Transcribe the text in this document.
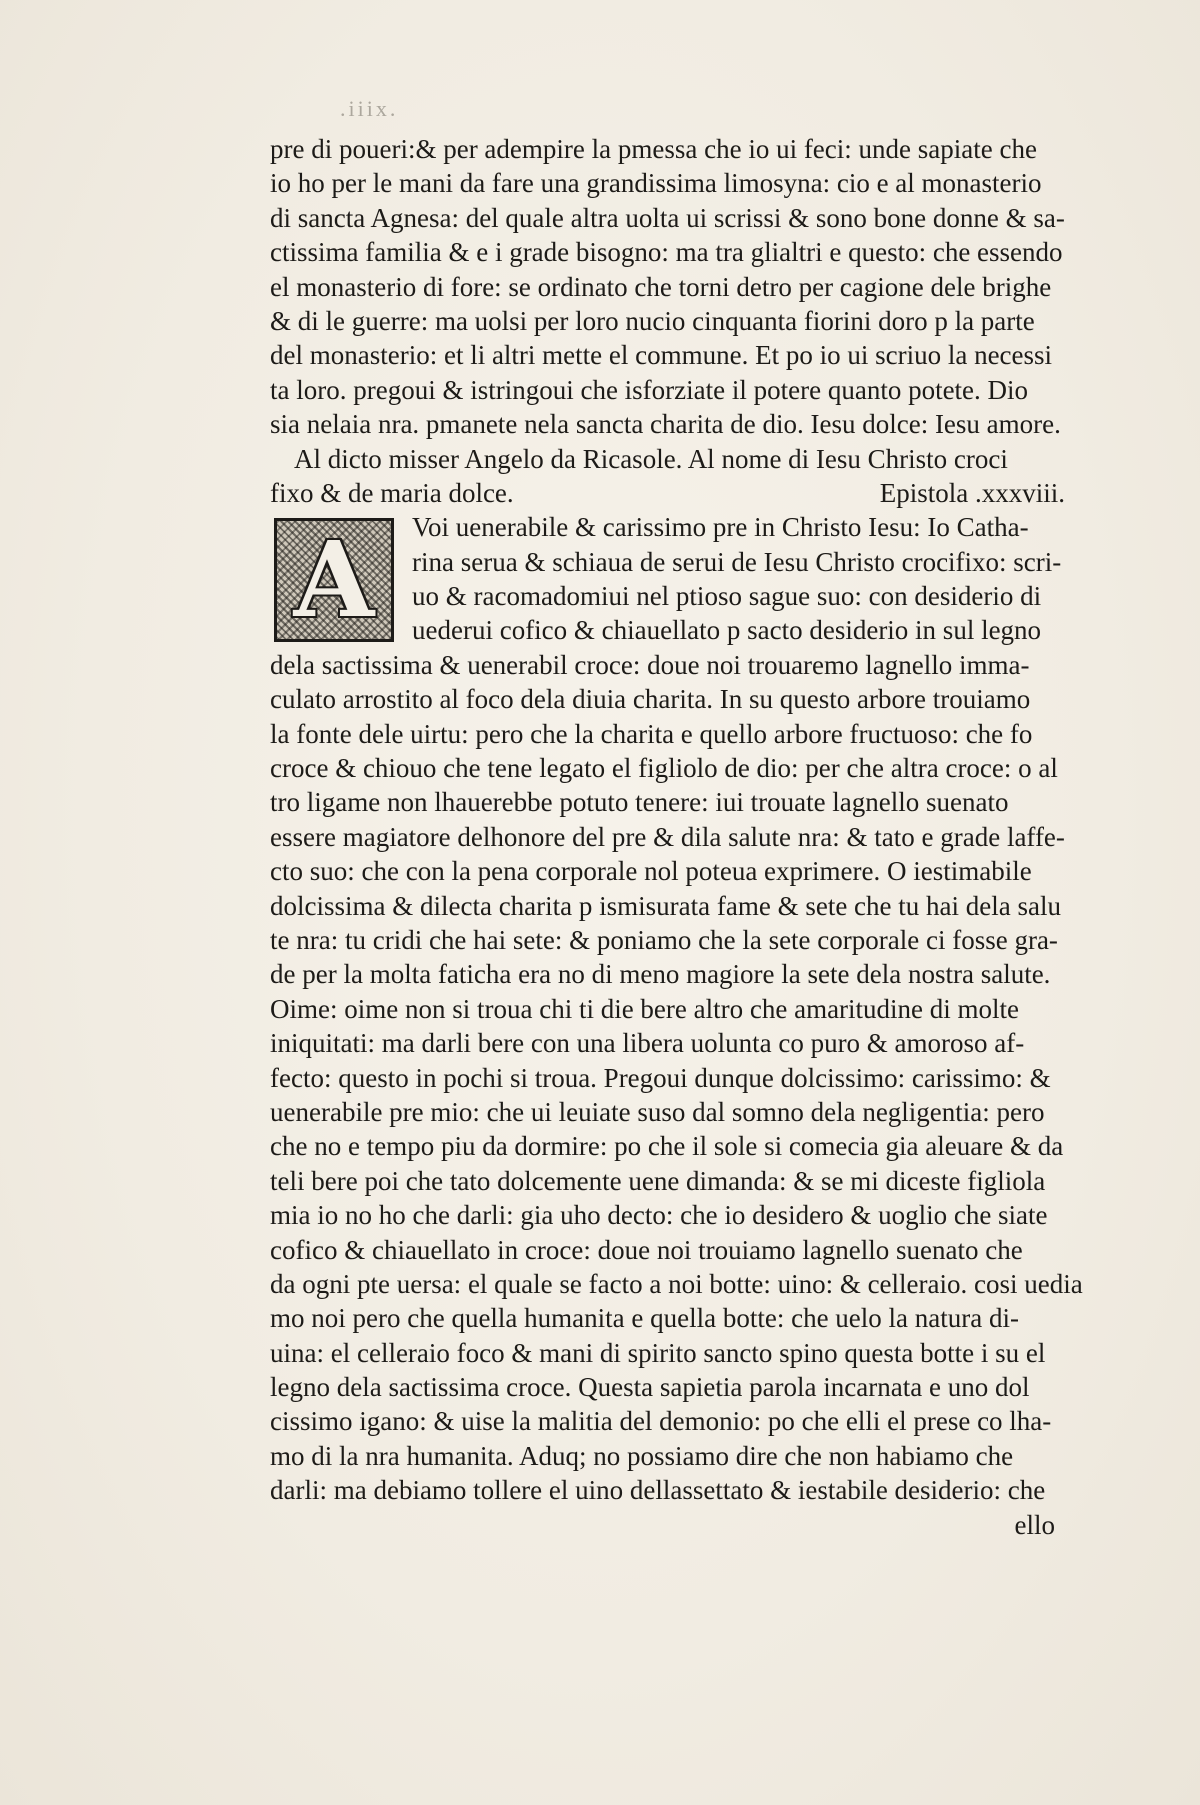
.iiix.
pre di poueri:& per adempire la pmessa che io ui feci: unde sapiate che
io ho per le mani da fare una grandissima limosyna: cio e al monasterio
di sancta Agnesa: del quale altra uolta ui scrissi & sono bone donne & sa-
ctissima familia & e i grade bisogno: ma tra glialtri e questo: che essendo
el monasterio di fore: se ordinato che torni detro per cagione dele brighe
& di le guerre: ma uolsi per loro nucio cinquanta fiorini doro p la parte
del monasterio: et li altri mette el commune. Et po io ui scriuo la necessi
ta loro. pregoui & istringoui che isforziate il potere quanto potete. Dio
sia nelaia nra. pmanete nela sancta charita de dio. Iesu dolce: Iesu amore.
Al dicto misser Angelo da Ricasole. Al nome di Iesu Christo croci
fixo & de maria dolce.	Epistola .xxxviii.
A	Voi uenerabile & carissimo pre in Christo Iesu: Io Catha-
rina serua & schiaua de serui de Iesu Christo crocifixo: scri-
uo & racomadomiui nel ptioso sague suo: con desiderio di
uederui cofico & chiauellato p sacto desiderio in sul legno
dela sactissima & uenerabil croce: doue noi trouaremo lagnello imma-
culato arrostito al foco dela diuia charita. In su questo arbore trouiamo
la fonte dele uirtu: pero che la charita e quello arbore fructuoso: che fo
croce & chiouo che tene legato el figliolo de dio: per che altra croce: o al
tro ligame non lhauerebbe potuto tenere: iui trouate lagnello suenato
essere magiatore delhonore del pre & dila salute nra: & tato e grade laffe-
cto suo: che con la pena corporale nol poteua exprimere. O iestimabile
dolcissima & dilecta charita p ismisurata fame & sete che tu hai dela salu
te nra: tu cridi che hai sete: & poniamo che la sete corporale ci fosse gra-
de per la molta faticha era no di meno magiore la sete dela nostra salute.
Oime: oime non si troua chi ti die bere altro che amaritudine di molte
iniquitati: ma darli bere con una libera uolunta co puro & amoroso af-
fecto: questo in pochi si troua. Pregoui dunque dolcissimo: carissimo: &
uenerabile pre mio: che ui leuiate suso dal somno dela negligentia: pero
che no e tempo piu da dormire: po che il sole si comecia gia aleuare & da
teli bere poi che tato dolcemente uene dimanda: & se mi diceste figliola
mia io no ho che darli: gia uho decto: che io desidero & uoglio che siate
cofico & chiauellato in croce: doue noi trouiamo lagnello suenato che
da ogni pte uersa: el quale se facto a noi botte: uino: & celleraio. cosi uedia
mo noi pero che quella humanita e quella botte: che uelo la natura di-
uina: el celleraio foco & mani di spirito sancto spino questa botte i su el
legno dela sactissima croce. Questa sapietia parola incarnata e uno dol
cissimo igano: & uise la malitia del demonio: po che elli el prese co lha-
mo di la nra humanita. Aduq; no possiamo dire che non habiamo che
darli: ma debiamo tollere el uino dellassettato & iestabile desiderio: che
ello
